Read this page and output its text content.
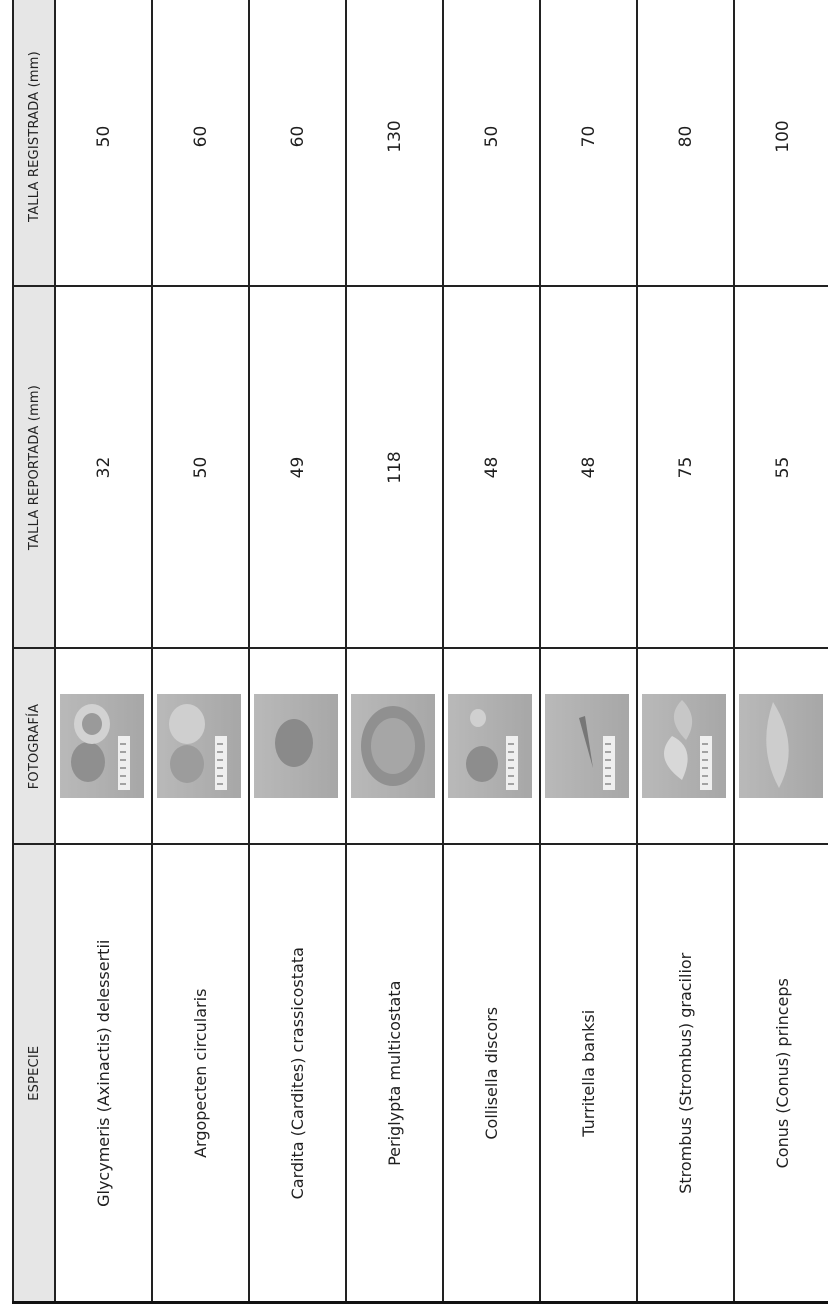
ESPECIE	FOTOGRAFÍA	TALLA REPORTADA (mm)	TALLA REGISTRADA (mm)
Glycymeris (Axinactis) delessertii		32	50
Argopecten circularis		50	60
Cardita (Cardites) crassicostata		49	60
Periglypta multicostata		118	130
Collisella discors		48	50
Turritella banksi		48	70
Strombus (Strombus) gracilior		75	80
Conus (Conus) princeps		55	100
